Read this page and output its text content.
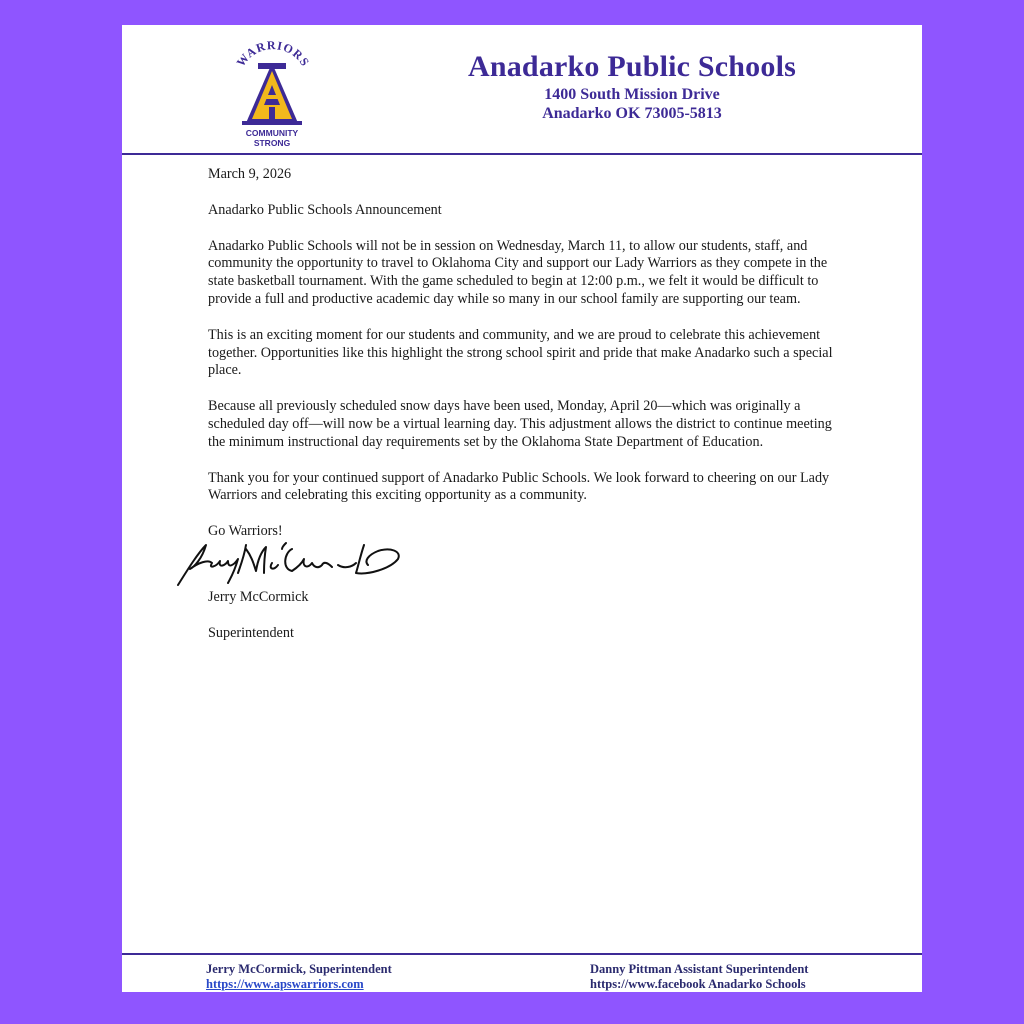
WARRIORS
COMMUNITY
STRONG
Anadarko Public Schools
1400 South Mission Drive
Anadarko OK 73005-5813

March 9, 2026

Anadarko Public Schools Announcement

Anadarko Public Schools will not be in session on Wednesday, March 11, to allow our students, staff, and community the opportunity to travel to Oklahoma City and support our Lady Warriors as they compete in the state basketball tournament. With the game scheduled to begin at 12:00 p.m., we felt it would be difficult to provide a full and productive academic day while so many in our school family are supporting our team.

This is an exciting moment for our students and community, and we are proud to celebrate this achievement together. Opportunities like this highlight the strong school spirit and pride that make Anadarko such a special place.

Because all previously scheduled snow days have been used, Monday, April 20—which was originally a scheduled day off—will now be a virtual learning day. This adjustment allows the district to continue meeting the minimum instructional day requirements set by the Oklahoma State Department of Education.

Thank you for your continued support of Anadarko Public Schools. We look forward to cheering on our Lady Warriors and celebrating this exciting opportunity as a community.

Go Warriors!

Jerry McCormick

Superintendent

Jerry McCormick, Superintendent
https://www.apswarriors.com
Danny Pittman Assistant Superintendent
https://www.facebook Anadarko Schools
